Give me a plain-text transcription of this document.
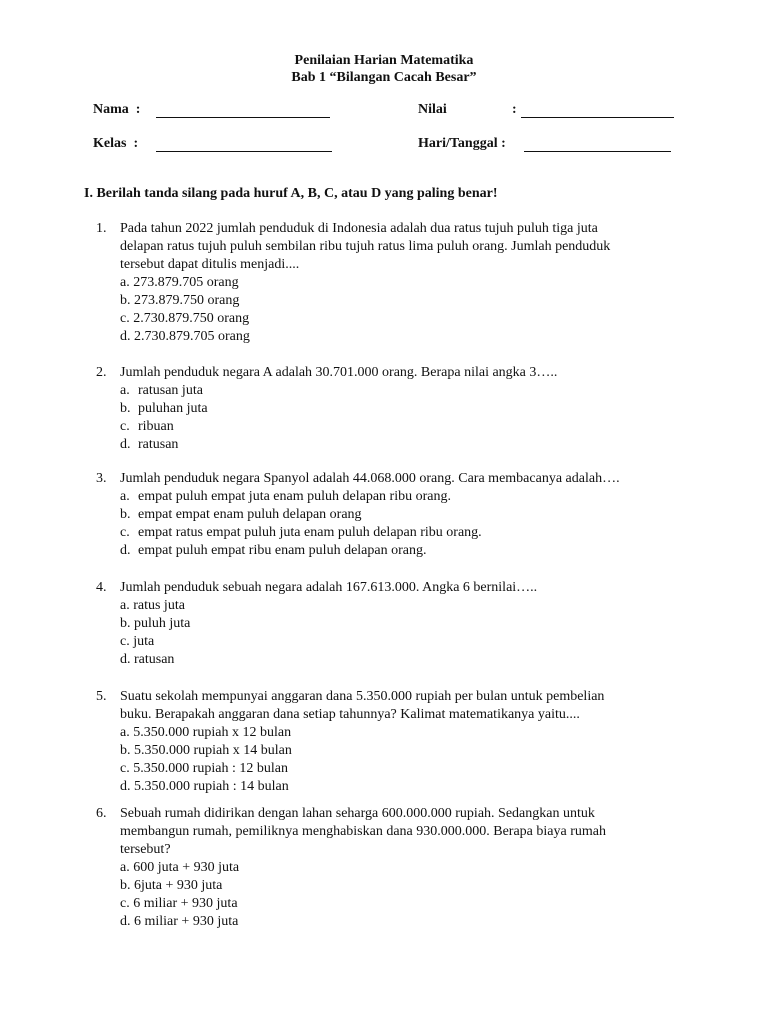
Penilaian Harian Matematika
Bab 1 “Bilangan Cacah Besar”
Nama  :	Nilai	:
Kelas  :	Hari/Tanggal :
I. Berilah tanda silang pada huruf A, B, C, atau D yang paling benar!
1. Pada tahun 2022 jumlah penduduk di Indonesia adalah dua ratus tujuh puluh tiga juta
delapan ratus tujuh puluh sembilan ribu tujuh ratus lima puluh orang. Jumlah penduduk
tersebut dapat ditulis menjadi....
a. 273.879.705 orang
b. 273.879.750 orang
c. 2.730.879.750 orang
d. 2.730.879.705 orang
2. Jumlah penduduk negara A adalah 30.701.000 orang. Berapa nilai angka 3…..
a. ratusan juta
b. puluhan juta
c. ribuan
d. ratusan
3. Jumlah penduduk negara Spanyol adalah 44.068.000 orang. Cara membacanya adalah….
a. empat puluh empat juta enam puluh delapan ribu orang.
b. empat empat enam puluh delapan orang
c. empat ratus empat puluh juta enam puluh delapan ribu orang.
d. empat puluh empat ribu enam puluh delapan orang.
4. Jumlah penduduk sebuah negara adalah 167.613.000. Angka 6 bernilai…..
a. ratus juta
b. puluh juta
c. juta
d. ratusan
5. Suatu sekolah mempunyai anggaran dana 5.350.000 rupiah per bulan untuk pembelian
buku. Berapakah anggaran dana setiap tahunnya? Kalimat matematikanya yaitu....
a. 5.350.000 rupiah x 12 bulan
b. 5.350.000 rupiah x 14 bulan
c. 5.350.000 rupiah : 12 bulan
d. 5.350.000 rupiah : 14 bulan
6. Sebuah rumah didirikan dengan lahan seharga 600.000.000 rupiah. Sedangkan untuk
membangun rumah, pemiliknya menghabiskan dana 930.000.000. Berapa biaya rumah
tersebut?
a. 600 juta + 930 juta
b. 6juta + 930 juta
c. 6 miliar + 930 juta
d. 6 miliar + 930 juta
